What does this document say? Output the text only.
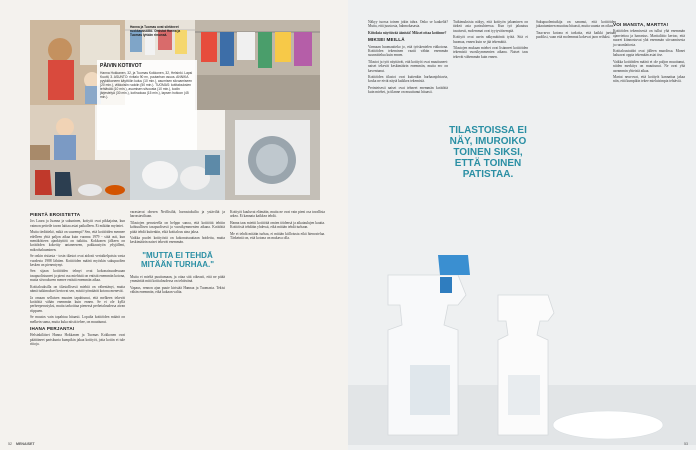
Hanna ja Tuomas ovat siirtäneet ruokkaussäiliö. Omistat Hanna ja Tuomas lyhkän rimunsä.
PÄIVIN KOTIIVOT
Hanna Hokkanen, 32, ja Tuomas Kokkonen, 32, Helsinki. Lapsi Kuutti, 3. ASUNTO: rivitalo 90 m², puutarhan osuus. ANNIKA pyykkikoneen käyttöön kuluu (10 min.), asumisen siivoamiseen (20 min.), viikkoisiin ruokiin (50 min.). TUOMAS: kotitalouksien tehtävää (10 min.), asumisen siivousta (10 min.), kodin järjestelyä (30 min.), kotiruokaa (15 min.), lapsen hoitoon (45 min.).
PIENTÄ EROISTETTA

Jos Laura ja Juanna ja sukuninen, kotiytit ovat pikkajaina, kun vaimon petteile tavan laittaa asiat paikalleen. Ei mikään myöntei.

Mutta tiedättekö, mikä on suurempi? Sen, että kotitöiden mennee edelleen yhtä paljon aikaa kuin vuonna 1979 - siitä asti, kun menäköiteen ajankäyttöä on tutkittu. Kokkonen jälkeen on kotitöiden kokeitty antaneeseen, pakkaustyön ydyjälleni, mikrohaluuminen.

Se onkin ristiasta - tosin tilastot ovat aidosti vertaikelpoisia vasta vuodesta 1988 lähtien. Kotitöiden määrä myöskin sukupuolten kesken on pienentynyt.

Sen sijaan kotitöiden tehnyt ovat kokonaisuudessaan tasapuolistuneet ja pieni osa miehistä on entistä enemmän kotona, mutta siivoukseen menee entistä enemmän aikaa.

Kotitalouksilla on tilastollisesti miehiä on vähentänyt, mutta nämä tutkimukset kertovat sen, mistä työmäärät kotona menevät.

Ja omaan sellaisen muuten tapahtunut, että melkeen tekevät kotitöitä vähän enemmän kuin ennen. Se ei ole kyllä perheeperustyksi, mutta tarkoittaa pienessä perhetaloudessa aivan riippuen.

Se muutos vain tapahtuu hitaasti. Lopulta kotitöiden määrä on melkein sama, mutta kuka niistä tehee, on muuttunut.

IHANA PERJANTAI

Helsinkiläiset Hanna Hokkanen ja Tuomas Kokkonen ovat päättäneet pariskunta kumpikin jakaa kotityöt, jotta kotiin ei tule riitoja.

varastavat ohesen Netflixiltä, harrastuksilta ja ystäviltä ja harrastaviltaan.

Tilastojen perusteella on helppo sanoa, että kotitöitä tehtiin kohtuullisen tasapuolisesti ja vuosikymmenien aikana. Kotitöitä pitää tehdä kuitenkin, eikä kotitalous aina jaksa.

Vaikka puolet kotityöstä on kokonaisuuttaan hoidettu, mutta keskimäärin naiset tekevät enemmän.

"MUTTA EI TEHDÄ MITÄÄN TURHAA."

Mutta ei mieltä puuttumaan, ja ottaa sitä oikeasti, että ne pitää ymmärtää mitä kotitaloudessa on tehtävänä.

Vapaus, rennon ajan puute kiristää Hannaa ja Tuomasta. Tekisi vähän enemmän, eikä kukaan valita.

Kotityöt kuuluvat elämään, mutta ne ovat vain pieni osa tavallista arkea. Ei kannata kaikkea tehdä.

Hanna taas miettii kotitöitä omien töidensä ja aikataulujen kautta. Kotitöistä tehdään yhdessä, eikä mitään tehdä turhaan.

Me ei tehdä mitään turhaa, ei mitään kiillotusta eikä hienostelua. Tärkeintä on, että kotona on mukava olla.

52 MENAISET

Näkyy tuossa toinen jokin tahra. Onko se kaakeliä? Mutta, että juustosta, hahmokasasta.

Kiitoksia näyttävää äänistä! Miksei ottaa kotiinne?

MIKSEI MEILLÄ

Varmaan huomaatteko jo, että työskentelen etäkotona. Kotitöiden tekeminen vaatii vähän enemmän suunnittelua kuin ennen.

Tilastot ja työt näyttävät, että kotityöt ovat muuttuneet: naiset tekevät keskimäärin enemmän, mutta ero on kaventunut.

Kotitöiden tilastot ovat kuitenkin harhaanjohtavia, koska ne eivät näytä kaikkea tekemistä.

Perinteisesti naiset ovat tehneet enemmän kotitöitä kuin miehet, ja tilanne on muuttunut hitaasti.

TILASTOISSA EI NÄY, IMUROIKO TOINEN SIKSI, ETTÄ TOINEN PATISTAA.

Tutkimuksista näkyy, että kotityön jakaminen on tärkeä asia parisuhteessa. Kun työ jakautuu tasaisesti, molemmat ovat tyytyväisempiä.

Kotityöt ovat usein näkymätöntä työtä. Sitä ei huomaa, ennen kuin se jää tekemättä.

Tilastojen mukaan miehet ovat lisänneet kotitöiden tekemistä vuosikymmenien aikana. Naiset taas tekevät vähemmän kuin ennen.

Sukupuolentutkija on sanonut, että kotitöiden jakautuminen muuttuu hitaasti, mutta suunta on oikea.

Tasa-arvo kotona ei tarkoita, että kaikki jaetaan puoliksi, vaan että molemmat kokevat jaon reiluksi.

VOI MANSTA, MARTTA!

Kotitöiden tekemisestä on tullut yhä enemmän ajanviettoa ja harrastus. Marttaliitto kertoo, että nuoret kiinnostuvat yhä enemmän siivoamisesta ja ruoanlaitosta.

Kotitaloustaidot ovat jälleen muodissa. Monet haluavat oppia tekemään asiat itse.

Vaikka kotitöiden määrä ei ole paljon muuttunut, niiden merkitys on muuttunut. Ne ovat yhä useammin yhteistä aikaa.

Martat neuvovat, että kotityöt kannattaa jakaa niin, että kumpikin tekee mieluisimpia tehtäviä.

53
